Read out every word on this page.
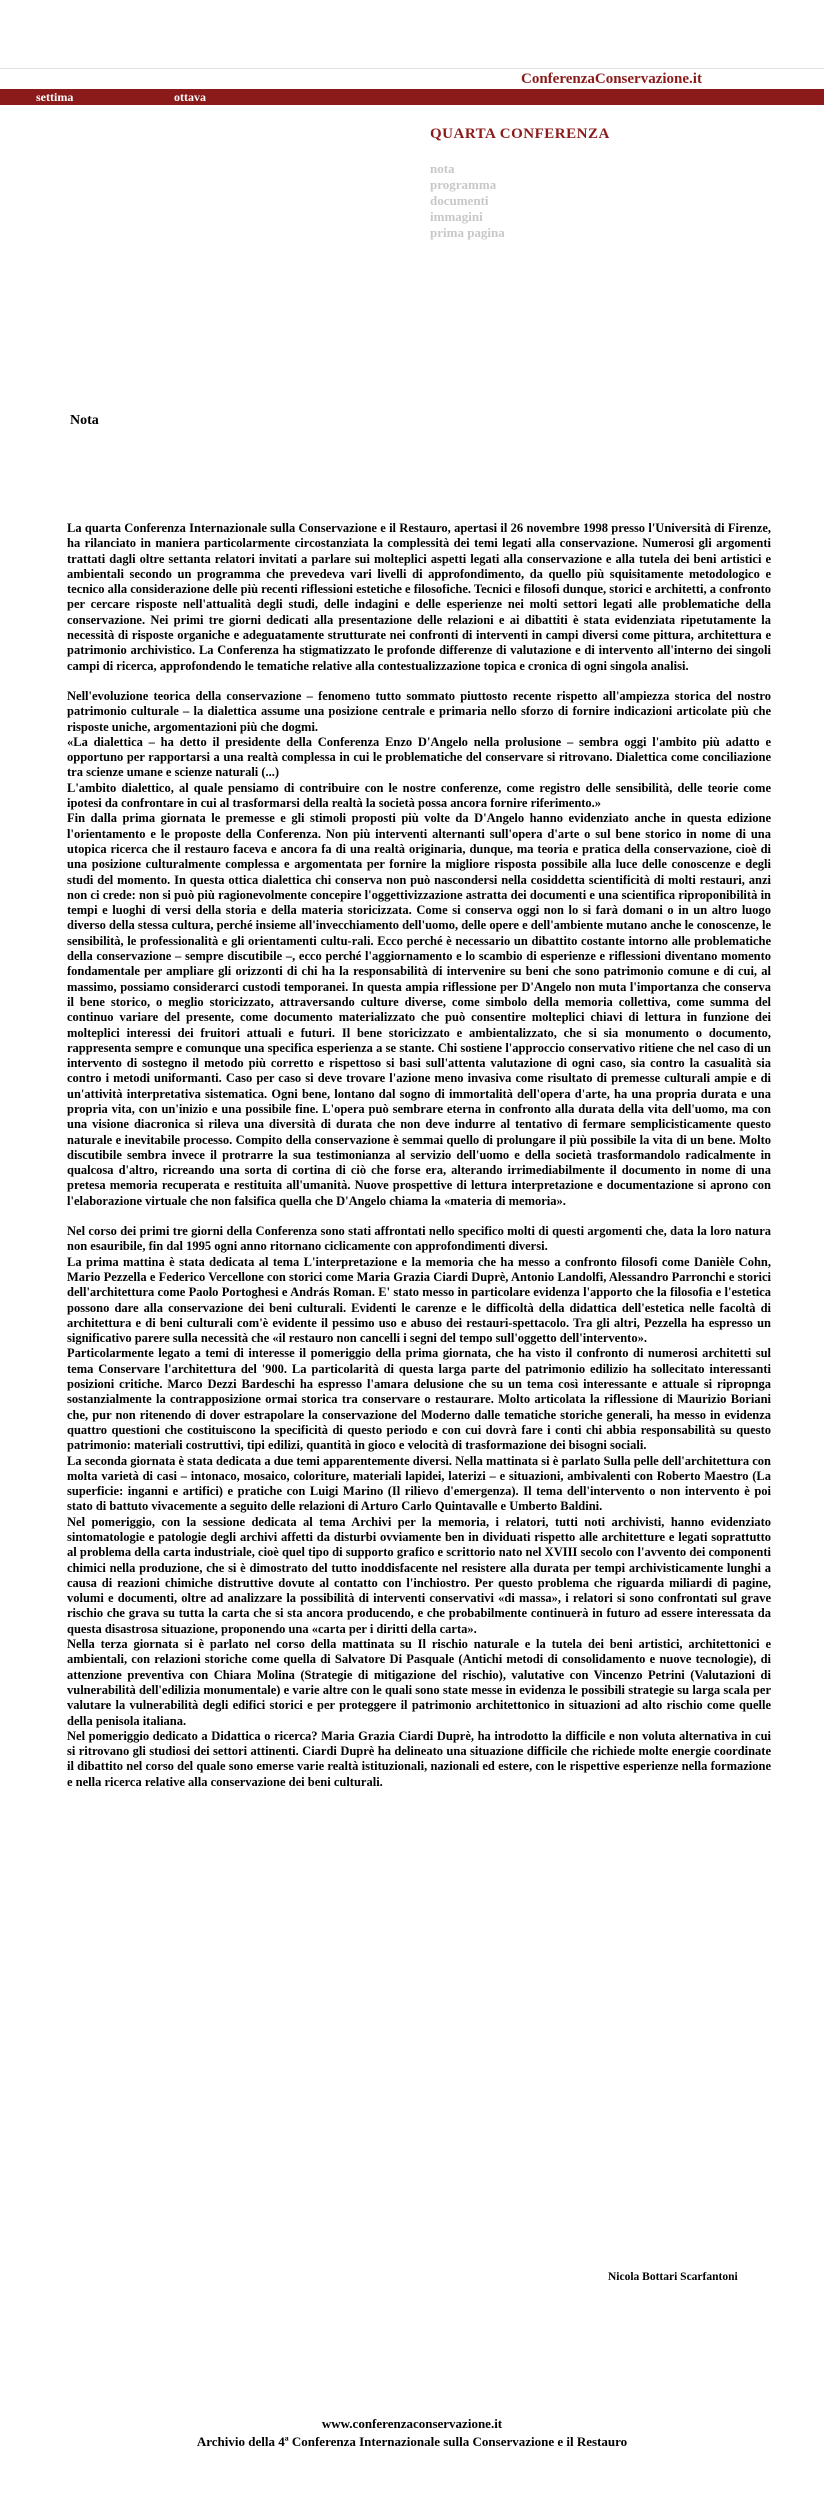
ConferenzaConservazione.it
settima	ottava
QUARTA CONFERENZA
nota
programma
documenti
immagini
prima pagina
Nota

La quarta Conferenza Internazionale sulla Conservazione e il Restauro, apertasi il 26 novembre 1998 presso l'Università di Firenze, ha rilanciato in maniera particolarmente circostanziata la complessità dei temi legati alla conservazione. Numerosi gli argomenti trattati dagli oltre settanta relatori invitati a parlare sui molteplici aspetti legati alla conservazione e alla tutela dei beni artistici e ambientali secondo un programma che prevedeva vari livelli di approfondimento, da quello più squisitamente metodologico e tecnico alla considerazione delle più recenti riflessioni estetiche e filosofiche. Tecnici e filosofi dunque, storici e architetti, a confronto per cercare risposte nell'attualità degli studi, delle indagini e delle esperienze nei molti settori legati alle problematiche della conservazione. Nei primi tre giorni dedicati alla presentazione delle relazioni e ai dibattiti è stata evidenziata ripetutamente la necessità di risposte organiche e adeguatamente strutturate nei confronti di interventi in campi diversi come pittura, architettura e patrimonio archivistico. La Conferenza ha stigmatizzato le profonde differenze di valutazione e di intervento all'interno dei singoli campi di ricerca, approfondendo le tematiche relative alla contestualizzazione topica e cronica di ogni singola analisi.

Nell'evoluzione teorica della conservazione – fenomeno tutto sommato piuttosto recente rispetto all'ampiezza storica del nostro patrimonio culturale – la dialettica assume una posizione centrale e primaria nello sforzo di fornire indicazioni articolate più che risposte uniche, argomentazioni più che dogmi.

«La dialettica – ha detto il presidente della Conferenza Enzo D'Angelo nella prolusione – sembra oggi l'ambito più adatto e opportuno per rapportarsi a una realtà complessa in cui le problematiche del conservare si ritrovano. Dialettica come conciliazione tra scienze umane e scienze naturali (...)

L'ambito dialettico, al quale pensiamo di contribuire con le nostre conferenze, come registro delle sensibilità, delle teorie come ipotesi da confrontare in cui al trasformarsi della realtà la società possa ancora fornire riferimento.»

Fin dalla prima giornata le premesse e gli stimoli proposti più volte da D'Angelo hanno evidenziato anche in questa edizione l'orientamento e le proposte della Conferenza. Non più interventi alternanti sull'opera d'arte o sul bene storico in nome di una utopica ricerca che il restauro faceva e ancora fa di una realtà originaria, dunque, ma teoria e pratica della conservazione, cioè di una posizione culturalmente complessa e argomentata per fornire la migliore risposta possibile alla luce delle conoscenze e degli studi del momento. In questa ottica dialettica chi conserva non può nascondersi nella cosiddetta scientificità di molti restauri, anzi non ci crede: non si può più ragionevolmente concepire l'oggettivizzazione astratta dei documenti e una scientifica riproponibilità in tempi e luoghi di versi della storia e della materia storicizzata. Come si conserva oggi non lo si farà domani o in un altro luogo diverso della stessa cultura, perché insieme all'invecchiamento dell'uomo, delle opere e dell'ambiente mutano anche le conoscenze, le sensibilità, le professionalità e gli orientamenti cultu-rali. Ecco perché è necessario un dibattito costante intorno alle problematiche della conservazione – sempre discutibile –, ecco perché l'aggiornamento e lo scambio di esperienze e riflessioni diventano momento fondamentale per ampliare gli orizzonti di chi ha la responsabilità di intervenire su beni che sono patrimonio comune e di cui, al massimo, possiamo considerarci custodi temporanei. In questa ampia riflessione per D'Angelo non muta l'importanza che conserva il bene storico, o meglio storicizzato, attraversando culture diverse, come simbolo della memoria collettiva, come summa del continuo variare del presente, come documento materializzato che può consentire molteplici chiavi di lettura in funzione dei molteplici interessi dei fruitori attuali e futuri. Il bene storicizzato e ambientalizzato, che si sia monumento o documento, rappresenta sempre e comunque una specifica esperienza a se stante. Chi sostiene l'approccio conservativo ritiene che nel caso di un intervento di sostegno il metodo più corretto e rispettoso si basi sull'attenta valutazione di ogni caso, sia contro la casualità sia contro i metodi uniformanti. Caso per caso si deve trovare l'azione meno invasiva come risultato di premesse culturali ampie e di un'attività interpretativa sistematica. Ogni bene, lontano dal sogno di immortalità dell'opera d'arte, ha una propria durata e una propria vita, con un'inizio e una possibile fine. L'opera può sembrare eterna in confronto alla durata della vita dell'uomo, ma con una visione diacronica si rileva una diversità di durata che non deve indurre al tentativo di fermare semplicisticamente questo naturale e inevitabile processo. Compito della conservazione è semmai quello di prolungare il più possibile la vita di un bene. Molto discutibile sembra invece il protrarre la sua testimonianza al servizio dell'uomo e della società trasformandolo radicalmente in qualcosa d'altro, ricreando una sorta di cortina di ciò che forse era, alterando irrimediabilmente il documento in nome di una pretesa memoria recuperata e restituita all'umanità. Nuove prospettive di lettura interpretazione e documentazione si aprono con l'elaborazione virtuale che non falsifica quella che D'Angelo chiama la «materia di memoria».

Nel corso dei primi tre giorni della Conferenza sono stati affrontati nello specifico molti di questi argomenti che, data la loro natura non esauribile, fin dal 1995 ogni anno ritornano ciclicamente con approfondimenti diversi.

La prima mattina è stata dedicata al tema L'interpretazione e la memoria che ha messo a confronto filosofi come Danièle Cohn, Mario Pezzella e Federico Vercellone con storici come Maria Grazia Ciardi Duprè, Antonio Landolfi, Alessandro Parronchi e storici dell'architettura come Paolo Portoghesi e András Roman. E' stato messo in particolare evidenza l'apporto che la filosofia e l'estetica possono dare alla conservazione dei beni culturali. Evidenti le carenze e le difficoltà della didattica dell'estetica nelle facoltà di architettura e di beni culturali com'è evidente il pessimo uso e abuso dei restauri-spettacolo. Tra gli altri, Pezzella ha espresso un significativo parere sulla necessità che «il restauro non cancelli i segni del tempo sull'oggetto dell'intervento».

Particolarmente legato a temi di interesse il pomeriggio della prima giornata, che ha visto il confronto di numerosi architetti sul tema Conservare l'architettura del '900. La particolarità di questa larga parte del patrimonio edilizio ha sollecitato interessanti posizioni critiche. Marco Dezzi Bardeschi ha espresso l'amara delusione che su un tema così interessante e attuale si ripropnga sostanzialmente la contrapposizione ormai storica tra conservare o restaurare. Molto articolata la riflessione di Maurizio Boriani che, pur non ritenendo di dover estrapolare la conservazione del Moderno dalle tematiche storiche generali, ha messo in evidenza quattro questioni che costituiscono la specificità di questo periodo e con cui dovrà fare i conti chi abbia responsabilità su questo patrimonio: materiali costruttivi, tipi edilizi, quantità in gioco e velocità di trasformazione dei bisogni sociali.

La seconda giornata è stata dedicata a due temi apparentemente diversi. Nella mattinata si è parlato Sulla pelle dell'architettura con molta varietà di casi – intonaco, mosaico, coloriture, materiali lapidei, laterizi – e situazioni, ambivalenti con Roberto Maestro (La superficie: inganni e artifici) e pratiche con Luigi Marino (Il rilievo d'emergenza). Il tema dell'intervento o non intervento è poi stato di battuto vivacemente a seguito delle relazioni di Arturo Carlo Quintavalle e Umberto Baldini.

Nel pomeriggio, con la sessione dedicata al tema Archivi per la memoria, i relatori, tutti noti archivisti, hanno evidenziato sintomatologie e patologie degli archivi affetti da disturbi ovviamente ben in dividuati rispetto alle architetture e legati soprattutto al problema della carta industriale, cioè quel tipo di supporto grafico e scrittorio nato nel XVIII secolo con l'avvento dei componenti chimici nella produzione, che si è dimostrato del tutto inoddisfacente nel resistere alla durata per tempi archivisticamente lunghi a causa di reazioni chimiche distruttive dovute al contatto con l'inchiostro. Per questo problema che riguarda miliardi di pagine, volumi e documenti, oltre ad analizzare la possibilità di interventi conservativi «di massa», i relatori si sono confrontati sul grave rischio che grava su tutta la carta che si sta ancora producendo, e che probabilmente continuerà in futuro ad essere interessata da questa disastrosa situazione, proponendo una «carta per i diritti della carta».

Nella terza giornata si è parlato nel corso della mattinata su Il rischio naturale e la tutela dei beni artistici, architettonici e ambientali, con relazioni storiche come quella di Salvatore Di Pasquale (Antichi metodi di consolidamento e nuove tecnologie), di attenzione preventiva con Chiara Molina (Strategie di mitigazione del rischio), valutative con Vincenzo Petrini (Valutazioni di vulnerabilità dell'edilizia monumentale) e varie altre con le quali sono state messe in evidenza le possibili strategie su larga scala per valutare la vulnerabilità degli edifici storici e per proteggere il patrimonio architettonico in situazioni ad alto rischio come quelle della penisola italiana.

Nel pomeriggio dedicato a Didattica o ricerca? Maria Grazia Ciardi Duprè, ha introdotto la difficile e non voluta alternativa in cui si ritrovano gli studiosi dei settori attinenti. Ciardi Duprè ha delineato una situazione difficile che richiede molte energie coordinate il dibattito nel corso del quale sono emerse varie realtà istituzionali, nazionali ed estere, con le rispettive esperienze nella formazione e nella ricerca relative alla conservazione dei beni culturali.

Nicola Bottari Scarfantoni
www.conferenzaconservazione.it
Archivio della 4ª Conferenza Internazionale sulla Conservazione e il Restauro
